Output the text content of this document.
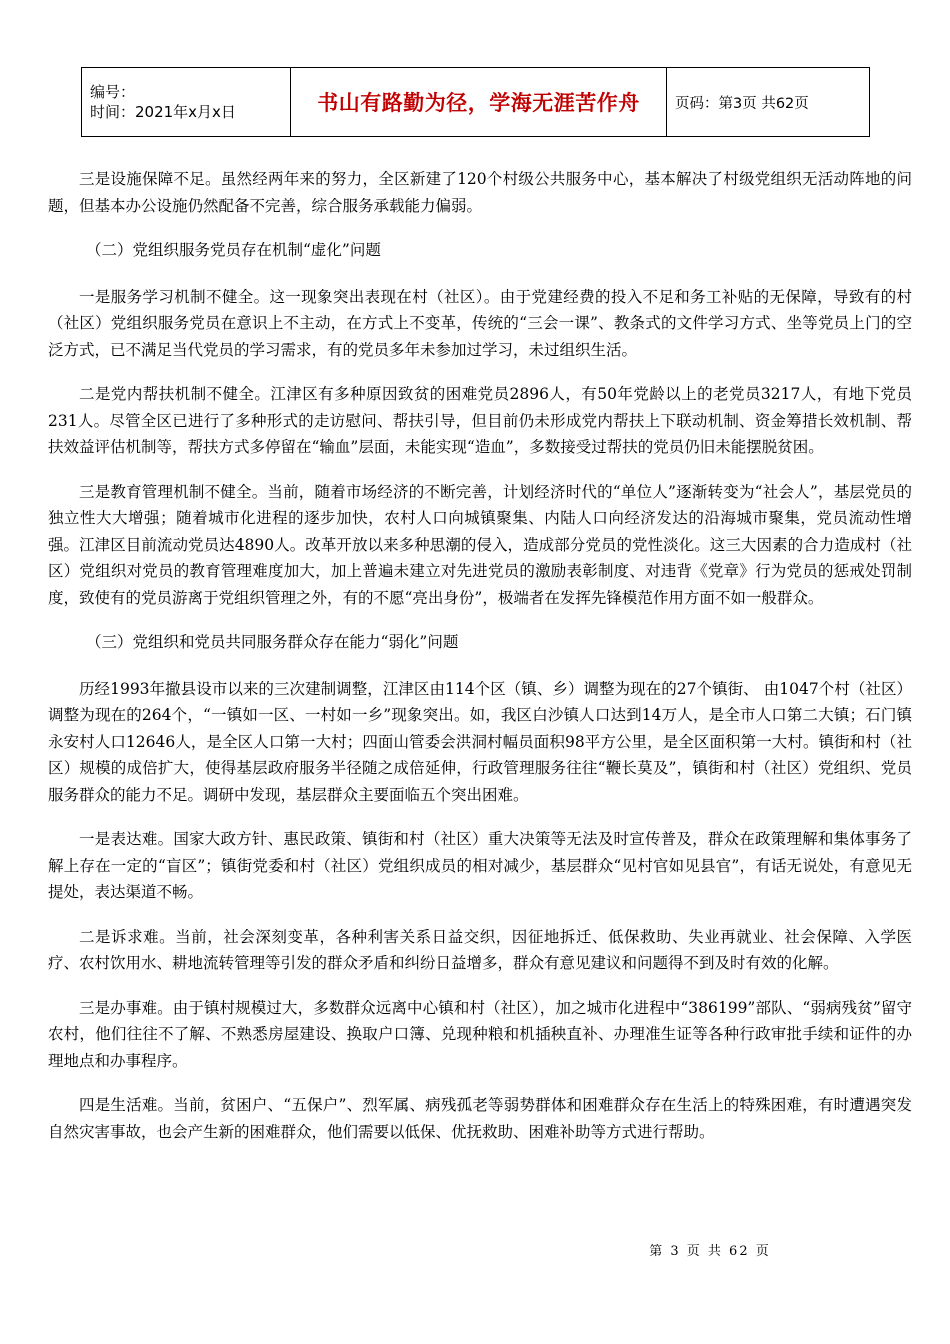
编号：
时间：2021年x月x日	书山有路勤为径，学海无涯苦作舟	页码：第3页 共62页

三是设施保障不足。虽然经两年来的努力，全区新建了120个村级公共服务中心，基本解决了村级党组织无活动阵地的问题，但基本办公设施仍然配备不完善，综合服务承载能力偏弱。

（二）党组织服务党员存在机制“虚化”问题

一是服务学习机制不健全。这一现象突出表现在村（社区）。由于党建经费的投入不足和务工补贴的无保障，导致有的村（社区）党组织服务党员在意识上不主动，在方式上不变革，传统的“三会一课”、教条式的文件学习方式、坐等党员上门的空泛方式，已不满足当代党员的学习需求，有的党员多年未参加过学习，未过组织生活。

二是党内帮扶机制不健全。江津区有多种原因致贫的困难党员2896人，有50年党龄以上的老党员3217人，有地下党员231人。尽管全区已进行了多种形式的走访慰问、帮扶引导，但目前仍未形成党内帮扶上下联动机制、资金筹措长效机制、帮扶效益评估机制等，帮扶方式多停留在“输血”层面，未能实现“造血”，多数接受过帮扶的党员仍旧未能摆脱贫困。

三是教育管理机制不健全。当前，随着市场经济的不断完善，计划经济时代的“单位人”逐渐转变为“社会人”，基层党员的独立性大大增强；随着城市化进程的逐步加快，农村人口向城镇聚集、内陆人口向经济发达的沿海城市聚集，党员流动性增强。江津区目前流动党员达4890人。改革开放以来多种思潮的侵入，造成部分党员的党性淡化。这三大因素的合力造成村（社区）党组织对党员的教育管理难度加大，加上普遍未建立对先进党员的激励表彰制度、对违背《党章》行为党员的惩戒处罚制度，致使有的党员游离于党组织管理之外，有的不愿“亮出身份”，极端者在发挥先锋模范作用方面不如一般群众。

（三）党组织和党员共同服务群众存在能力“弱化”问题

历经1993年撤县设市以来的三次建制调整，江津区由114个区（镇、乡）调整为现在的27个镇街、 由1047个村（社区）调整为现在的264个，“一镇如一区、一村如一乡”现象突出。如，我区白沙镇人口达到14万人，是全市人口第二大镇；石门镇永安村人口12646人，是全区人口第一大村；四面山管委会洪洞村幅员面积98平方公里，是全区面积第一大村。镇街和村（社区）规模的成倍扩大，使得基层政府服务半径随之成倍延伸，行政管理服务往往“鞭长莫及”，镇街和村（社区）党组织、党员服务群众的能力不足。调研中发现，基层群众主要面临五个突出困难。

一是表达难。国家大政方针、惠民政策、镇街和村（社区）重大决策等无法及时宣传普及，群众在政策理解和集体事务了解上存在一定的“盲区”；镇街党委和村（社区）党组织成员的相对减少，基层群众“见村官如见县官”，有话无说处，有意见无提处，表达渠道不畅。

二是诉求难。当前，社会深刻变革，各种利害关系日益交织，因征地拆迁、低保救助、失业再就业、社会保障、入学医疗、农村饮用水、耕地流转管理等引发的群众矛盾和纠纷日益增多，群众有意见建议和问题得不到及时有效的化解。

三是办事难。由于镇村规模过大，多数群众远离中心镇和村（社区），加之城市化进程中“386199”部队、“弱病残贫”留守农村，他们往往不了解、不熟悉房屋建设、换取户口簿、兑现种粮和机插秧直补、办理准生证等各种行政审批手续和证件的办理地点和办事程序。

四是生活难。当前，贫困户、“五保户”、烈军属、病残孤老等弱势群体和困难群众存在生活上的特殊困难，有时遭遇突发自然灾害事故，也会产生新的困难群众，他们需要以低保、优抚救助、困难补助等方式进行帮助。

第 3 页 共 62 页
